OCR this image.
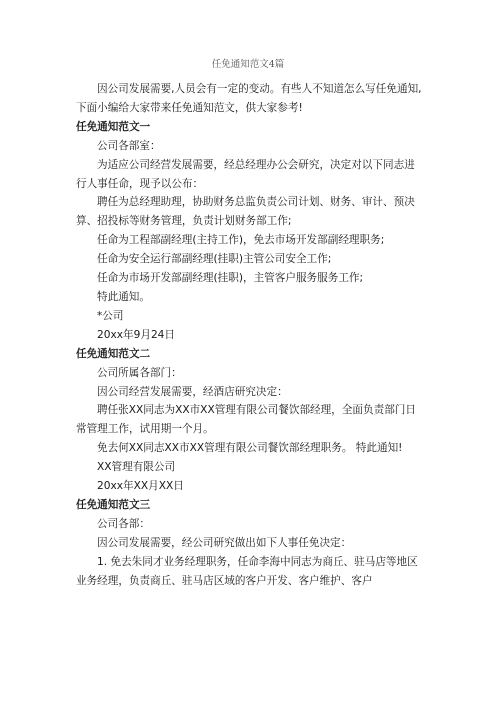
任免通知范文4篇

因公司发展需要,人员会有一定的变动。有些人不知道怎么写任免通知,下面小编给大家带来任免通知范文，供大家参考!

任免通知范文一

公司各部室：

为适应公司经营发展需要，经总经理办公会研究，决定对以下同志进行人事任命，现予以公布：

聘任为总经理助理，协助财务总监负责公司计划、财务、审计、预决算、招投标等财务管理，负责计划财务部工作;

任命为工程部副经理(主持工作)，免去市场开发部副经理职务;

任命为安全运行部副经理(挂职)主管公司安全工作;

任命为市场开发部副经理(挂职)，主管客户服务服务工作;

特此通知。

*公司

20xx年9月24日

任免通知范文二

公司所属各部门：

因公司经营发展需要，经酒店研究决定：

聘任张XX同志为XX市XX管理有限公司餐饮部经理，全面负责部门日常管理工作，试用期一个月。

免去何XX同志XX市XX管理有限公司餐饮部经理职务。 特此通知!

XX管理有限公司

20xx年XX月XX日

任免通知范文三

公司各部：

因公司发展需要，经公司研究做出如下人事任免决定：

1. 免去朱同才业务经理职务，任命李海中同志为商丘、驻马店等地区业务经理，负责商丘、驻马店区域的客户开发、客户维护、客户
